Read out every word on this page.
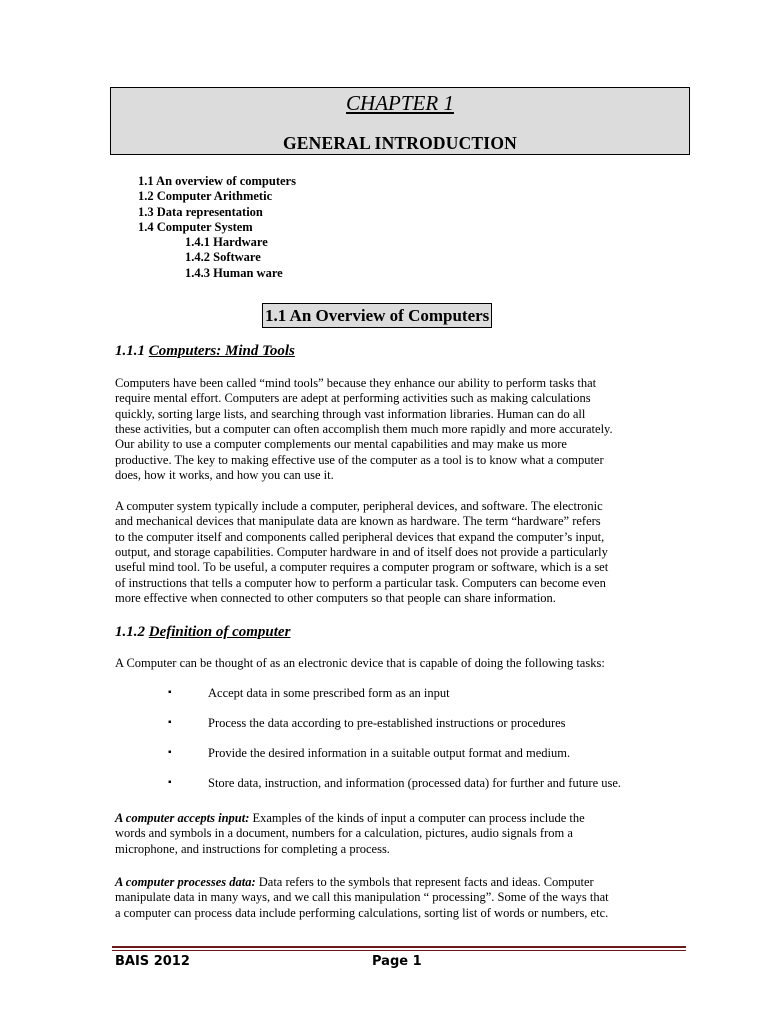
CHAPTER 1
GENERAL INTRODUCTION
1.1 An overview of computers
1.2 Computer Arithmetic
1.3 Data representation
1.4 Computer System
1.4.1 Hardware
1.4.2 Software
1.4.3 Human ware
1.1 An Overview of Computers
1.1.1 Computers: Mind Tools
Computers have been called “mind tools” because they enhance our ability to perform tasks that
require mental effort. Computers are adept at performing activities such as making calculations
quickly, sorting large lists, and searching through vast information libraries. Human can do all
these activities, but a computer can often accomplish them much more rapidly and more accurately.
Our ability to use a computer complements our mental capabilities and may make us more
productive. The key to making effective use of the computer as a tool is to know what a computer
does, how it works, and how you can use it.
A computer system typically include a computer, peripheral devices, and software. The electronic
and mechanical devices that manipulate data are known as hardware. The term “hardware” refers
to the computer itself and components called peripheral devices that expand the computer’s input,
output, and storage capabilities. Computer hardware in and of itself does not provide a particularly
useful mind tool. To be useful, a computer requires a computer program or software, which is a set
of instructions that tells a computer how to perform a particular task. Computers can become even
more effective when connected to other computers so that people can share information.
1.1.2 Definition of computer
A Computer can be thought of as an electronic device that is capable of doing the following tasks:
▪	Accept data in some prescribed form as an input
▪	Process the data according to pre-established instructions or procedures
▪	Provide the desired information in a suitable output format and medium.
▪	Store data, instruction, and information (processed data) for further and future use.
A computer accepts input: Examples of the kinds of input a computer can process include the
words and symbols in a document, numbers for a calculation, pictures, audio signals from a
microphone, and instructions for completing a process.
A computer processes data: Data refers to the symbols that represent facts and ideas. Computer
manipulate data in many ways, and we call this manipulation “ processing”. Some of the ways that
a computer can process data include performing calculations, sorting list of words or numbers, etc.
BAIS 2012	Page 1
